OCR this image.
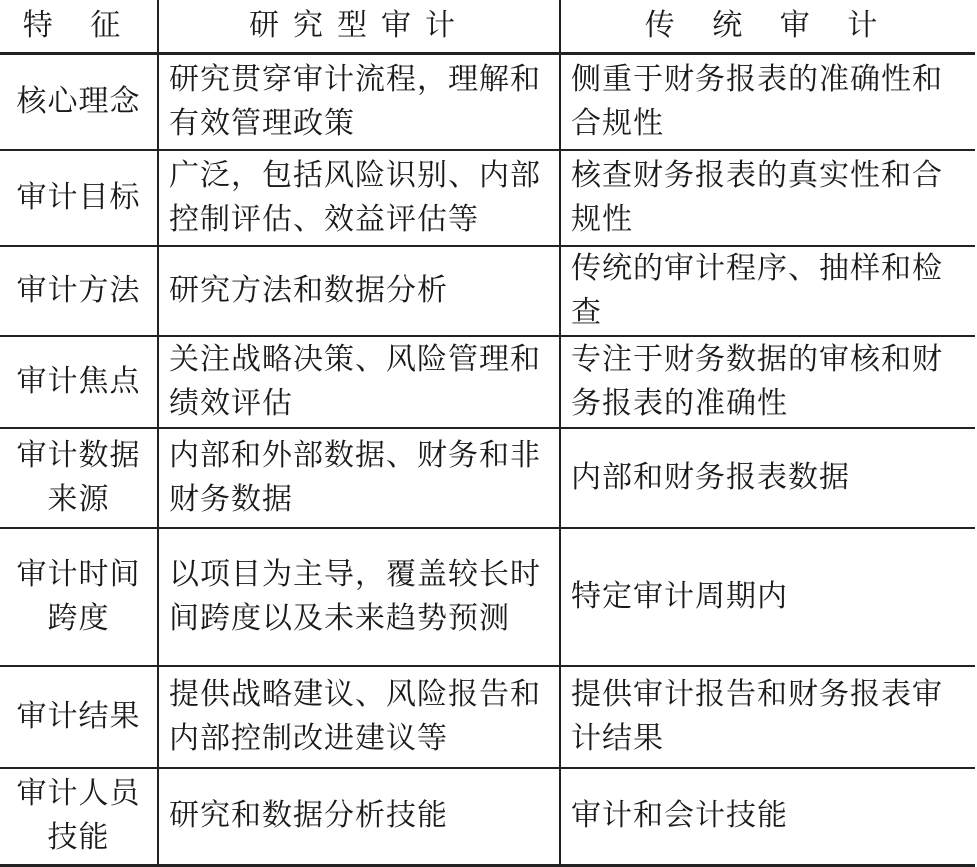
特 征	研究型审计	传 统 审 计
核心理念	研究贯穿审计流程，理解和有效管理政策	侧重于财务报表的准确性和合规性
审计目标	广泛，包括风险识别、内部控制评估、效益评估等	核查财务报表的真实性和合规性
审计方法	研究方法和数据分析	传统的审计程序、抽样和检查
审计焦点	关注战略决策、风险管理和绩效评估	专注于财务数据的审核和财务报表的准确性
审计数据来源	内部和外部数据、财务和非财务数据	内部和财务报表数据
审计时间跨度	以项目为主导，覆盖较长时间跨度以及未来趋势预测	特定审计周期内
审计结果	提供战略建议、风险报告和内部控制改进建议等	提供审计报告和财务报表审计结果
审计人员技能	研究和数据分析技能	审计和会计技能
